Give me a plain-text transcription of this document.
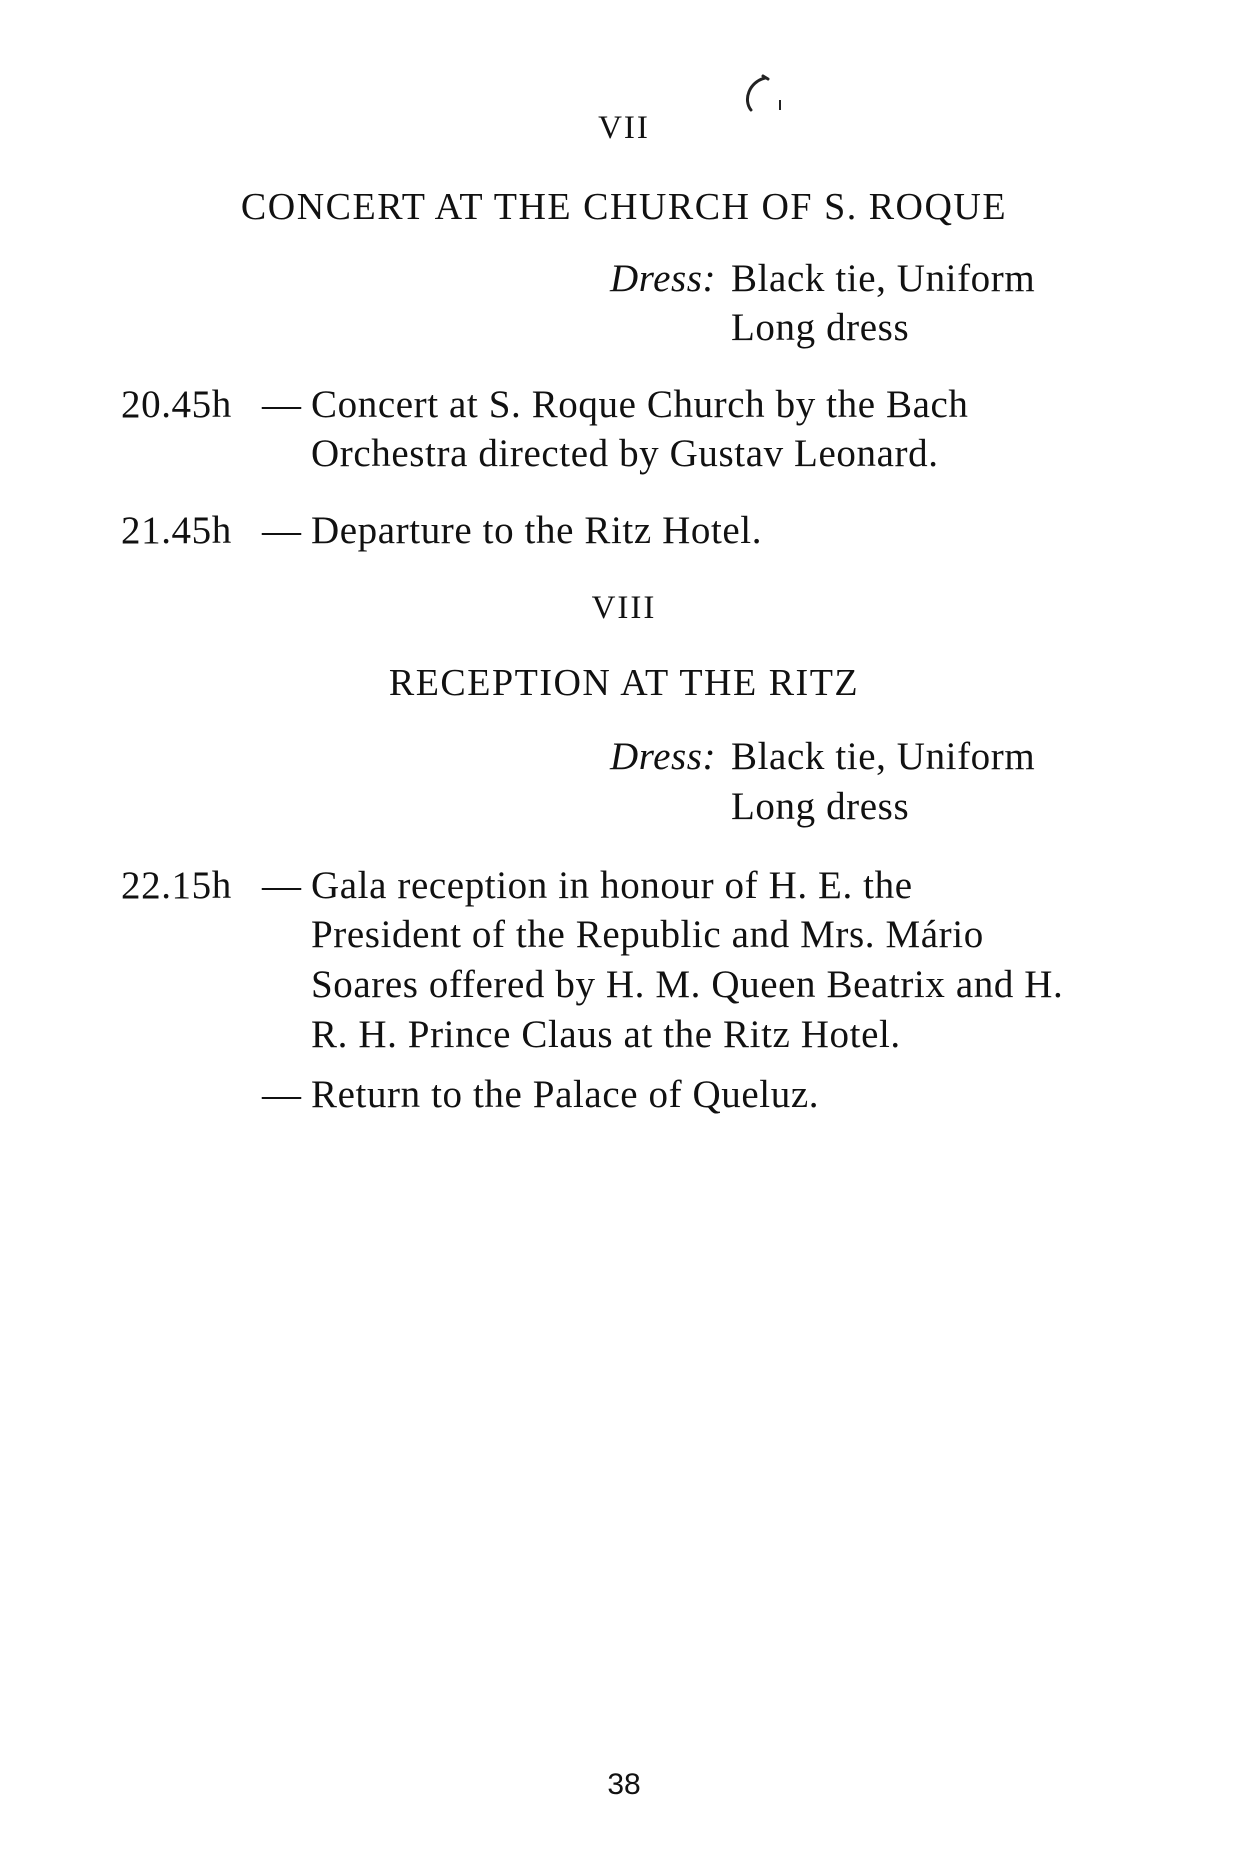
VII
CONCERT AT THE CHURCH OF S. ROQUE
Dress: Black tie, Uniform
Long dress
20.45h — Concert at S. Roque Church by the Bach
Orchestra directed by Gustav Leonard.
21.45h — Departure to the Ritz Hotel.
VIII
RECEPTION AT THE RITZ
Dress: Black tie, Uniform
Long dress
22.15h — Gala reception in honour of H. E. the
President of the Republic and Mrs. Mário
Soares offered by H. M. Queen Beatrix and H.
R. H. Prince Claus at the Ritz Hotel.
— Return to the Palace of Queluz.
38
